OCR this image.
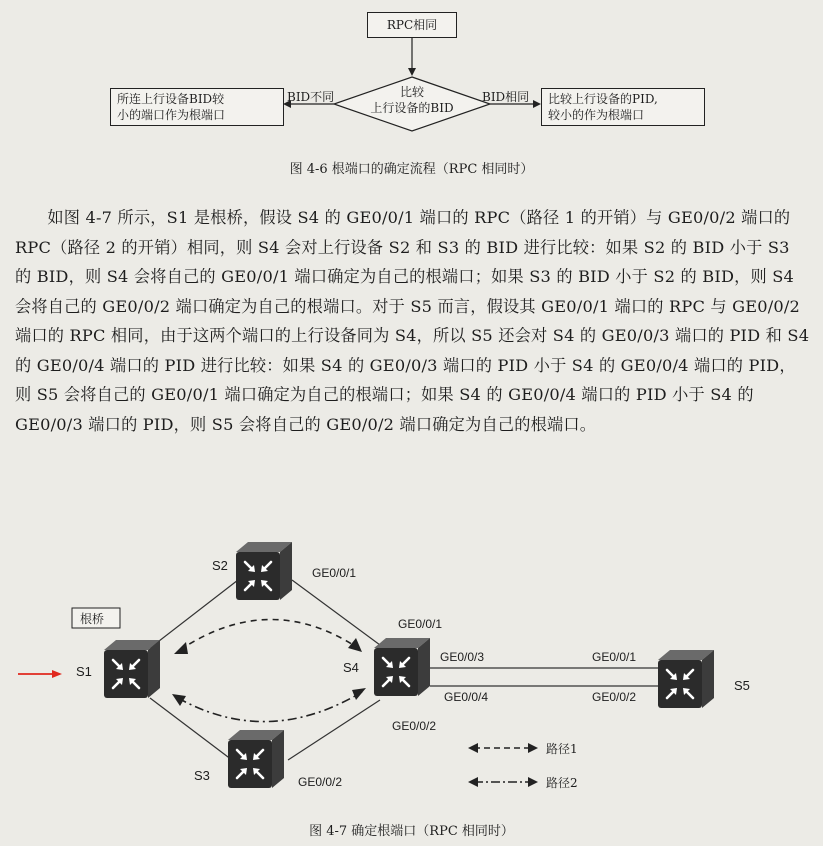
RPC相同
比较
上行设备的BID
BID不同	BID相同
所连上行设备BID较
小的端口作为根端口
比较上行设备的PID,
较小的作为根端口
图 4-6 根端口的确定流程（RPC 相同时）

如图 4-7 所示，S1 是根桥，假设 S4 的 GE0/0/1 端口的 RPC（路径 1 的开销）与 GE0/0/2 端口的 RPC（路径 2 的开销）相同，则 S4 会对上行设备 S2 和 S3 的 BID 进行比较：如果 S2 的 BID 小于 S3 的 BID，则 S4 会将自己的 GE0/0/1 端口确定为自己的根端口；如果 S3 的 BID 小于 S2 的 BID，则 S4 会将自己的 GE0/0/2 端口确定为自己的根端口。对于 S5 而言，假设其 GE0/0/1 端口的 RPC 与 GE0/0/2 端口的 RPC 相同，由于这两个端口的上行设备同为 S4，所以 S5 还会对 S4 的 GE0/0/3 端口的 PID 和 S4 的 GE0/0/4 端口的 PID 进行比较：如果 S4 的 GE0/0/3 端口的 PID 小于 S4 的 GE0/0/4 端口的 PID，则 S5 会将自己的 GE0/0/1 端口确定为自己的根端口；如果 S4 的 GE0/0/4 端口的 PID 小于 S4 的 GE0/0/3 端口的 PID，则 S5 会将自己的 GE0/0/2 端口确定为自己的根端口。

根桥
S1
S2
S3
S4
S5
GE0/0/1
GE0/0/1
GE0/0/3
GE0/0/4
GE0/0/2
GE0/0/2
GE0/0/1
GE0/0/2
路径1
路径2
图 4-7 确定根端口（RPC 相同时）
